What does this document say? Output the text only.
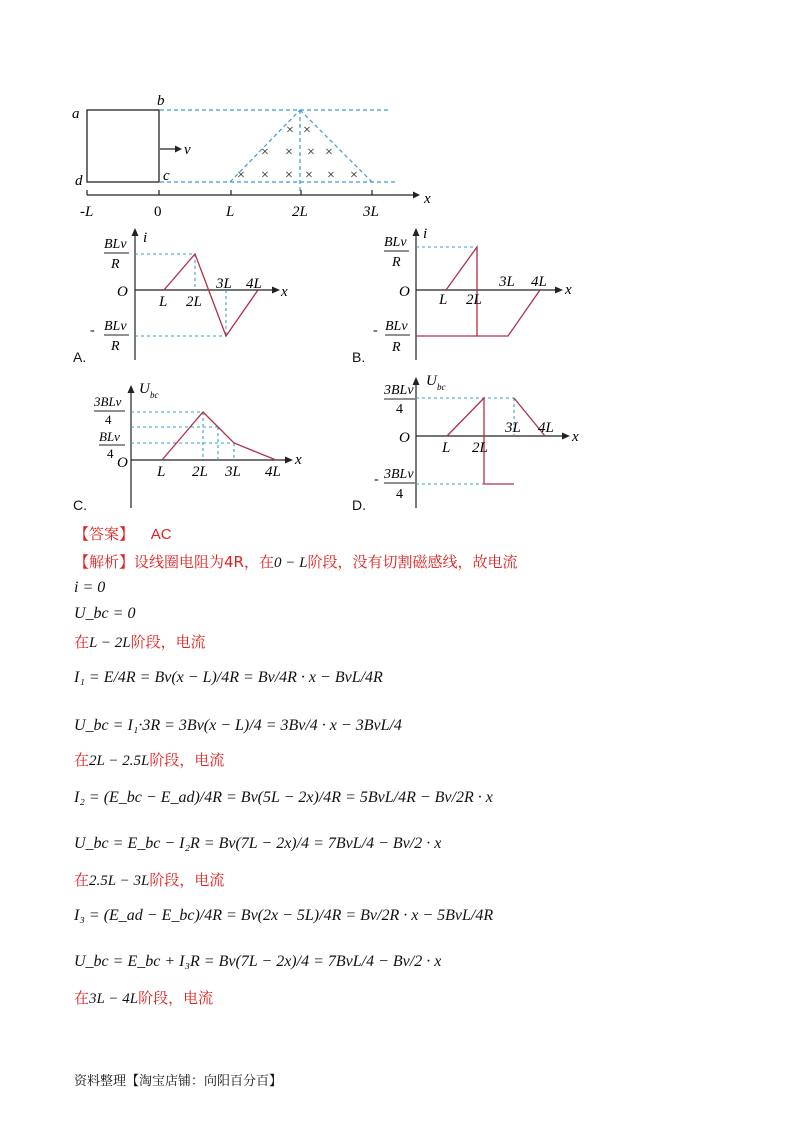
a
b
c
d
v
× ×
× × × ×
× × × × × ×
x
-L	0	L	2L	3L
i
x
O
BLv
R
- BLv
R
L 2L
3L 4L
A.
i
x
O
BLv
R
- BLv
R
L 2L
3L 4L
B.
U bc
x
O
3BLv
4
BLv
4
L 2L 3L 4L
C.
U bc
x
O
3BLv
4
- 3BLv
4
L 2L
3L 4L
D.
【答案】 AC
【解析】设线圈电阻为4R，在0 − L阶段，没有切割磁感线，故电流
i = 0
U_bc = 0
在L − 2L阶段，电流
I₁ = E/4R = Bv(x − L)/4R = Bv/4R · x − BvL/4R
U_bc = I₁·3R = 3Bv(x − L)/4 = 3Bv/4 · x − 3BvL/4
在2L − 2.5L阶段，电流
I₂ = (E_bc − E_ad)/4R = Bv(5L − 2x)/4R = 5BvL/4R − Bv/2R · x
U_bc = E_bc − I₂R = Bv(7L − 2x)/4 = 7BvL/4 − Bv/2 · x
在2.5L − 3L阶段，电流
I₃ = (E_ad − E_bc)/4R = Bv(2x − 5L)/4R = Bv/2R · x − 5BvL/4R
U_bc = E_bc + I₃R = Bv(7L − 2x)/4 = 7BvL/4 − Bv/2 · x
在3L − 4L阶段，电流
资料整理【淘宝店铺：向阳百分百】
